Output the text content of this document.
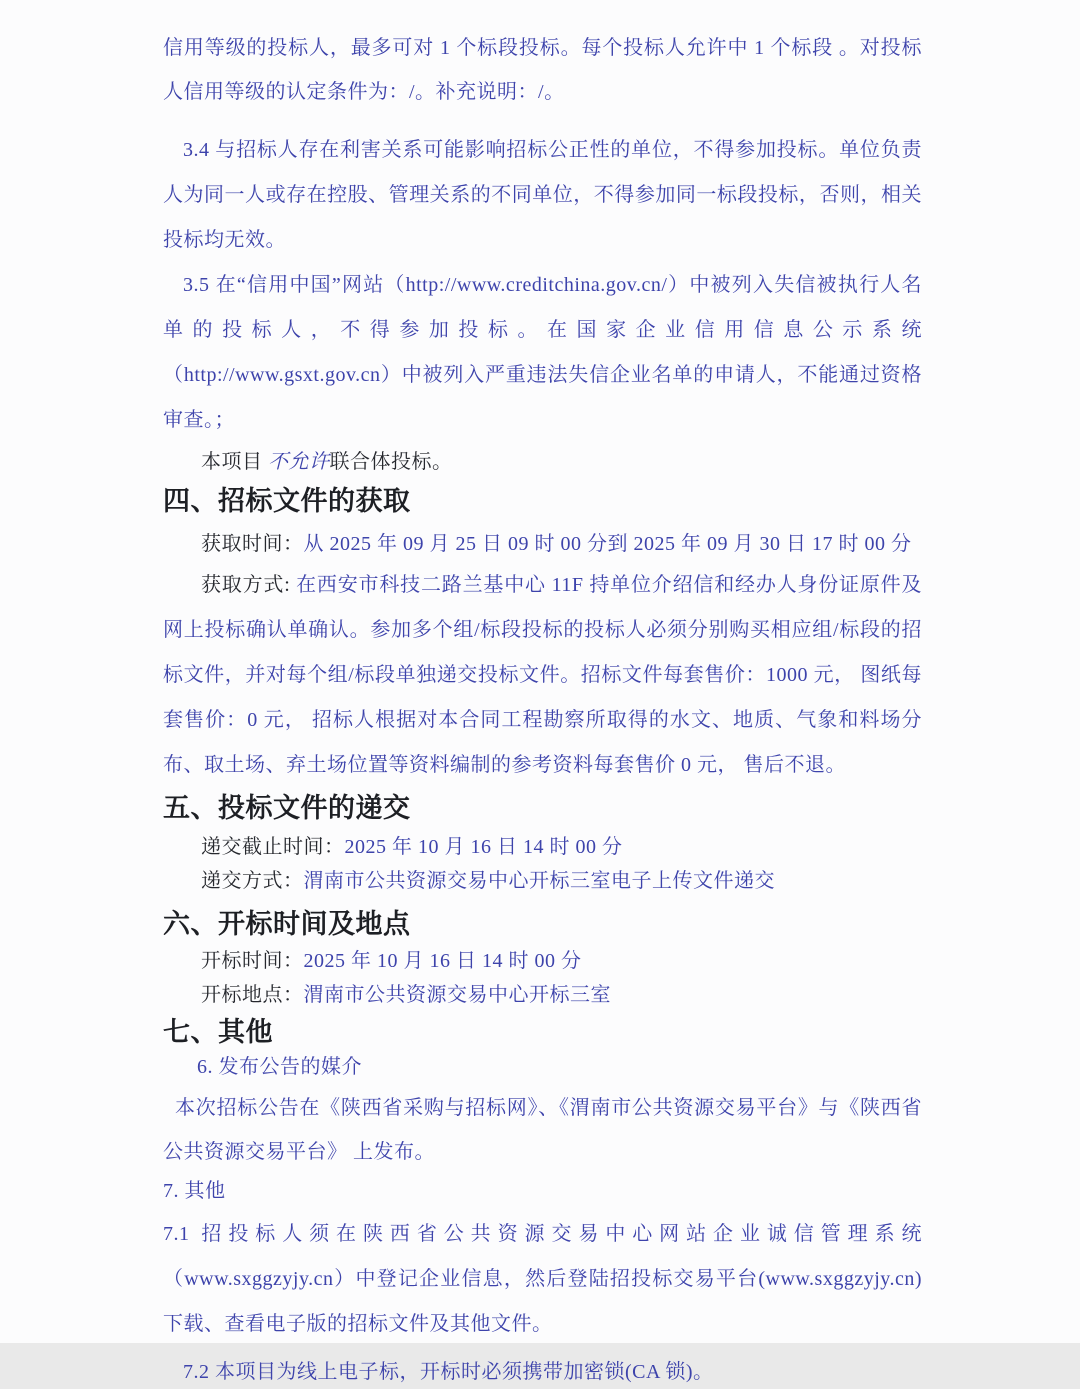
信用等级的投标人，最多可对 1 个标段投标。每个投标人允许中 1 个标段 。对投标人信用等级的认定条件为：/。补充说明：/。

3.4 与招标人存在利害关系可能影响招标公正性的单位，不得参加投标。单位负责人为同一人或存在控股、管理关系的不同单位，不得参加同一标段投标，否则，相关投标均无效。

3.5 在“信用中国”网站（http://www.creditchina.gov.cn/）中被列入失信被执行人名单的投标人，不得参加投标。在国家企业信用信息公示系统（http://www.gsxt.gov.cn）中被列入严重违法失信企业名单的申请人，不能通过资格审查。；

本项目 不允许联合体投标。

四、招标文件的获取

获取时间：从 2025 年 09 月 25 日 09 时 00 分到 2025 年 09 月 30 日 17 时 00 分

获取方式: 在西安市科技二路兰基中心 11F 持单位介绍信和经办人身份证原件及网上投标确认单确认。参加多个组/标段投标的投标人必须分别购买相应组/标段的招标文件，并对每个组/标段单独递交投标文件。招标文件每套售价：1000 元， 图纸每套售价：0 元， 招标人根据对本合同工程勘察所取得的水文、地质、气象和料场分布、取土场、弃土场位置等资料编制的参考资料每套售价 0 元， 售后不退。

五、投标文件的递交

递交截止时间：2025 年 10 月 16 日 14 时 00 分

递交方式：渭南市公共资源交易中心开标三室电子上传文件递交

六、开标时间及地点

开标时间：2025 年 10 月 16 日 14 时 00 分

开标地点：渭南市公共资源交易中心开标三室

七、其他

6. 发布公告的媒介

本次招标公告在《陕西省采购与招标网》、《渭南市公共资源交易平台》与《陕西省公共资源交易平台》 上发布。

7. 其他

7.1 招投标人须在陕西省公共资源交易中心网站企业诚信管理系统（www.sxggzyjy.cn）中登记企业信息，然后登陆招投标交易平台(www.sxggzyjy.cn)下载、查看电子版的招标文件及其他文件。

7.2 本项目为线上电子标，开标时必须携带加密锁(CA 锁)。
